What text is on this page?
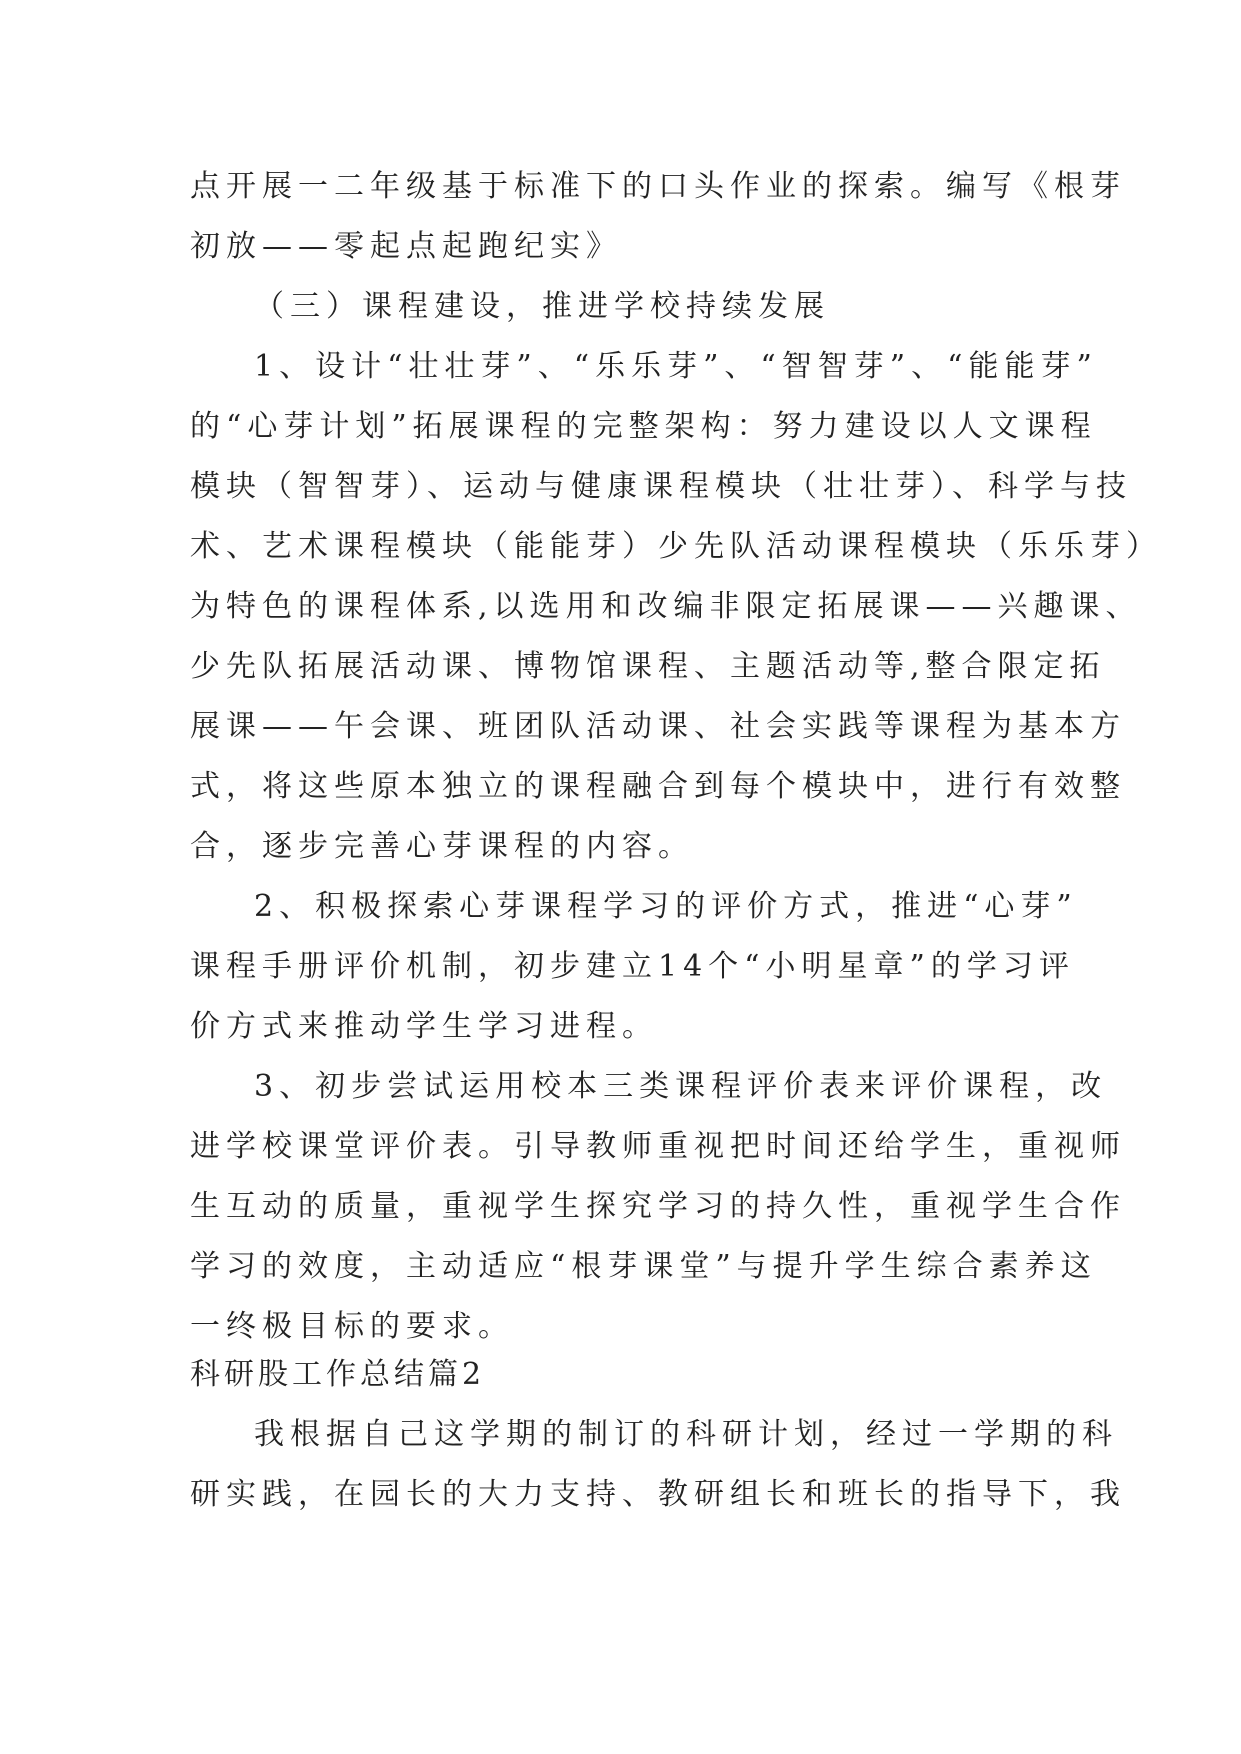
点开展一二年级基于标准下的口头作业的探索。编写《根芽

初放——零起点起跑纪实》

（三）课程建设，推进学校持续发展

1、设计“壮壮芽”、“乐乐芽”、“智智芽”、“能能芽”

的“心芽计划”拓展课程的完整架构：努力建设以人文课程

模块（智智芽）、运动与健康课程模块（壮壮芽）、科学与技

术、艺术课程模块（能能芽）少先队活动课程模块（乐乐芽）

为特色的课程体系,以选用和改编非限定拓展课——兴趣课、

少先队拓展活动课、博物馆课程、主题活动等,整合限定拓

展课——午会课、班团队活动课、社会实践等课程为基本方

式，将这些原本独立的课程融合到每个模块中，进行有效整

合，逐步完善心芽课程的内容。

2、积极探索心芽课程学习的评价方式，推进“心芽”

课程手册评价机制，初步建立14个“小明星章”的学习评

价方式来推动学生学习进程。

3、初步尝试运用校本三类课程评价表来评价课程，改

进学校课堂评价表。引导教师重视把时间还给学生，重视师

生互动的质量，重视学生探究学习的持久性，重视学生合作

学习的效度，主动适应“根芽课堂”与提升学生综合素养这

一终极目标的要求。

科研股工作总结篇2

我根据自己这学期的制订的科研计划，经过一学期的科

研实践，在园长的大力支持、教研组长和班长的指导下，我
